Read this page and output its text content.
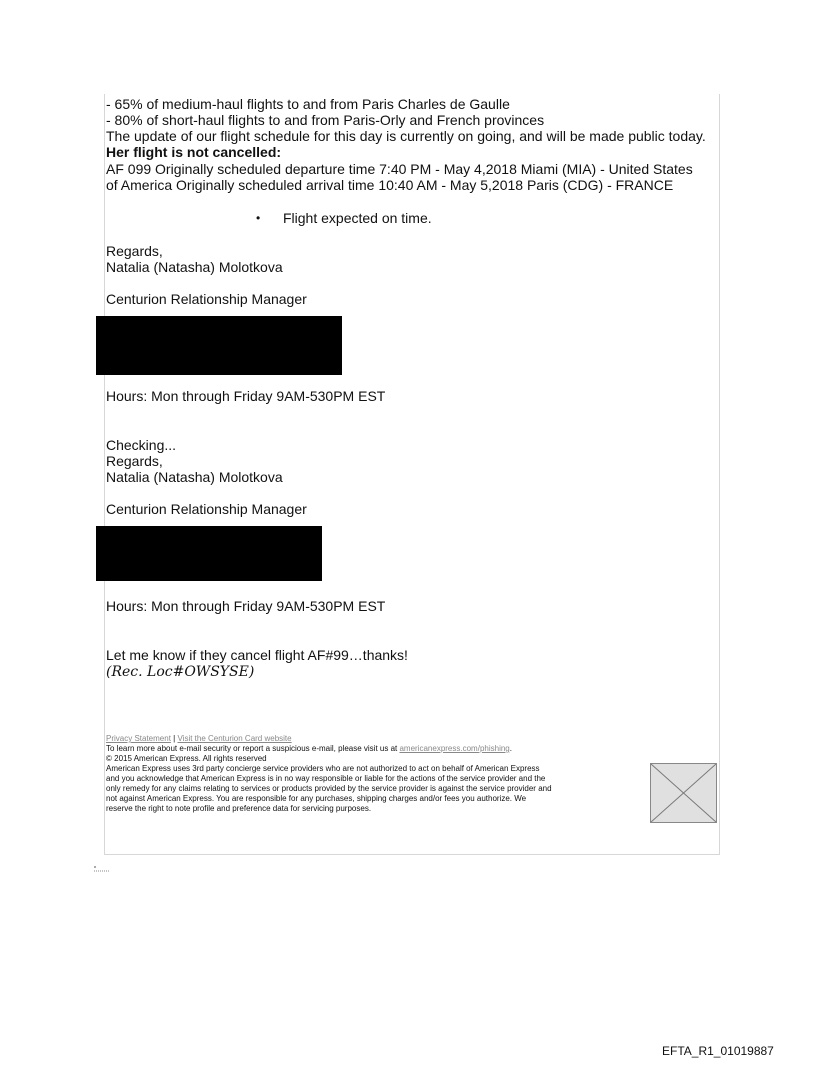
- 65% of medium-haul flights to and from Paris Charles de Gaulle
- 80% of short-haul flights to and from Paris-Orly and French provinces
The update of our flight schedule for this day is currently on going, and will be made public today.
Her flight is not cancelled:
AF 099 Originally scheduled departure time 7:40 PM - May 4,2018 Miami (MIA) - United States
of America Originally scheduled arrival time 10:40 AM - May 5,2018 Paris (CDG) - FRANCE
• Flight expected on time.
Regards,
Natalia (Natasha) Molotkova
Centurion Relationship Manager
Hours: Mon through Friday 9AM-530PM EST
Checking...
Regards,
Natalia (Natasha) Molotkova
Centurion Relationship Manager
Hours: Mon through Friday 9AM-530PM EST
Let me know if they cancel flight AF#99…thanks!
(Rec. Loc#OWSYSE)
Privacy Statement | Visit the Centurion Card website
To learn more about e-mail security or report a suspicious e-mail, please visit us at americanexpress.com/phishing.
© 2015 American Express. All rights reserved
American Express uses 3rd party concierge service providers who are not authorized to act on behalf of American Express
and you acknowledge that American Express is in no way responsible or liable for the actions of the service provider and the
only remedy for any claims relating to services or products provided by the service provider is against the service provider and
not against American Express. You are responsible for any purchases, shipping charges and/or fees you authorize. We
reserve the right to note profile and preference data for servicing purposes.
EFTA_R1_01019887
